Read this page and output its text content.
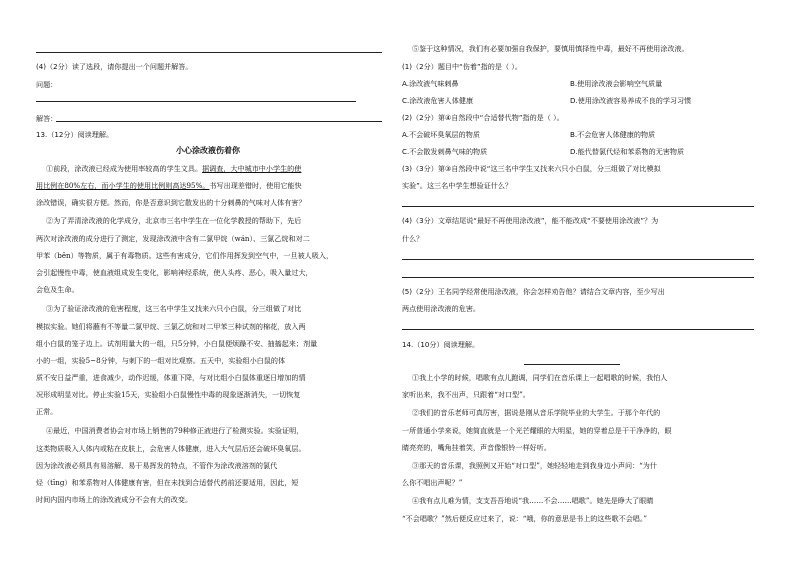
(4)（2分）读了选段，请你提出一个问题并解答。
问题：
解答：
13.（12分）阅读理解。
小心涂改液伤着你
①前段，涂改液已经成为使用率较高的学生文具。据调查，大中城市中小学生的使
用比例在80%左右，而小学生的使用比例则高达95%。书写出现差错时，使用它能快
涂改错误，确实很方便。然而，你是否意识到它散发出的十分刺鼻的气味对人体有害？
②为了弄清涂改液的化学成分，北京市三名中学生在一位化学教授的帮助下，先后
两次对涂改液的成分进行了测定，发现涂改液中含有二氯甲烷（wán）、三氯乙烷和对二
甲苯（běn）等物质，属于有毒物质。这些有害成分，它们作用挥发到空气中，一旦被人吸入，
会引起慢性中毒，使血液组成发生变化，影响神经系统，使人头疼、恶心，吸入量过大，
会危及生命。
③为了验证涂改液的危害程度，这三名中学生又找来六只小白鼠，分三组做了对比
模拟实验。她们将蘸有不等量二氯甲烷、三氯乙烷和对二甲苯三种试剂的棉花，放入两
组小白鼠的笼子边上。试剂用量大的一组，只5分钟，小白鼠便烦躁不安、抽搐起来；剂量
小的一组，实验5~8分钟，与刺下的一组对比观察。五天中，实验组小白鼠的体
质不安日益严重，进食减少，动作迟缓，体重下降，与对比组小白鼠体重逐日增加的情
况形成明显对比。停止实验15天，实验组小白鼠慢性中毒的现象逐渐消失，一切恢复
正常。
④最近，中国消费者协会对市场上销售的79种修正液进行了检测实验。实验证明，
这类物质吸入人体内或粘在皮肤上，会危害人体健康，进入大气层后还会破坏臭氧层。
因为涂改液必须具有易溶解、易干易挥发的特点，不管作为涂改液溶剂的氯代
烃（tīng）和苯系物对人体健康有害，但在未找到合适替代药前还要适用，因此，短
时间内国内市场上的涂改液成分不会有大的改变。
⑤鉴于这种情况，我们有必要加强自我保护，要慎用慎择性中毒，最好不再使用涂改液。
(1)（2分）题目中“伤着”指的是（ ）。
A.涂改液气味刺鼻	B.使用涂改液会影响空气质量
C.涂改液危害人体健康	D.使用涂改液容易养成不良的学习习惯
(2)（2分）第④自然段中“合适替代物”指的是（ ）。
A.不会破坏臭氧层的物质	B.不会危害人体健康的物质
C.不会散发刺鼻气味的物质	D.能代替氯代烃和苯系物的无害物质
(3)（3分）第③自然段中说“这三名中学生又找来六只小白鼠，分三组做了对比模拟
实验”。这三名中学生想验证什么？
(4)（3分）文章结尾说“最好不再使用涂改液”，能不能改成“不要使用涂改液”？为
什么？
(5)（2分）王名同学经常使用涂改液，你会怎样劝告他？请结合文章内容，至少写出
两点使用涂改液的危害。
14.（10分）阅读理解。
①我上小学的时候，唱歌有点儿跑调，同学们在音乐课上一起唱歌的时候，我怕人
家听出来，我不出声，只跟着“对口型”。
②我们的音乐老师可真厉害，据说是刚从音乐学院毕业的大学生。于那个年代的
一所普通小学来说，她简直就是一个光芒耀眼的大明星，她的穿着总是干干净净的，眼
睛亮亮的，嘴角挂着笑，声音像银铃一样好听。
③那天的音乐课，我照例又开始“对口型”，她轻轻地走到我身边小声问：“为什
么你不唱出声呢？”
④我有点儿难为情，支支吾吾地说“我……不会……唱歌”。她先是睁大了眼睛
“不会唱歌？”然后便反应过来了，说：“哦，你的意思是书上的这些歌不会唱。”
